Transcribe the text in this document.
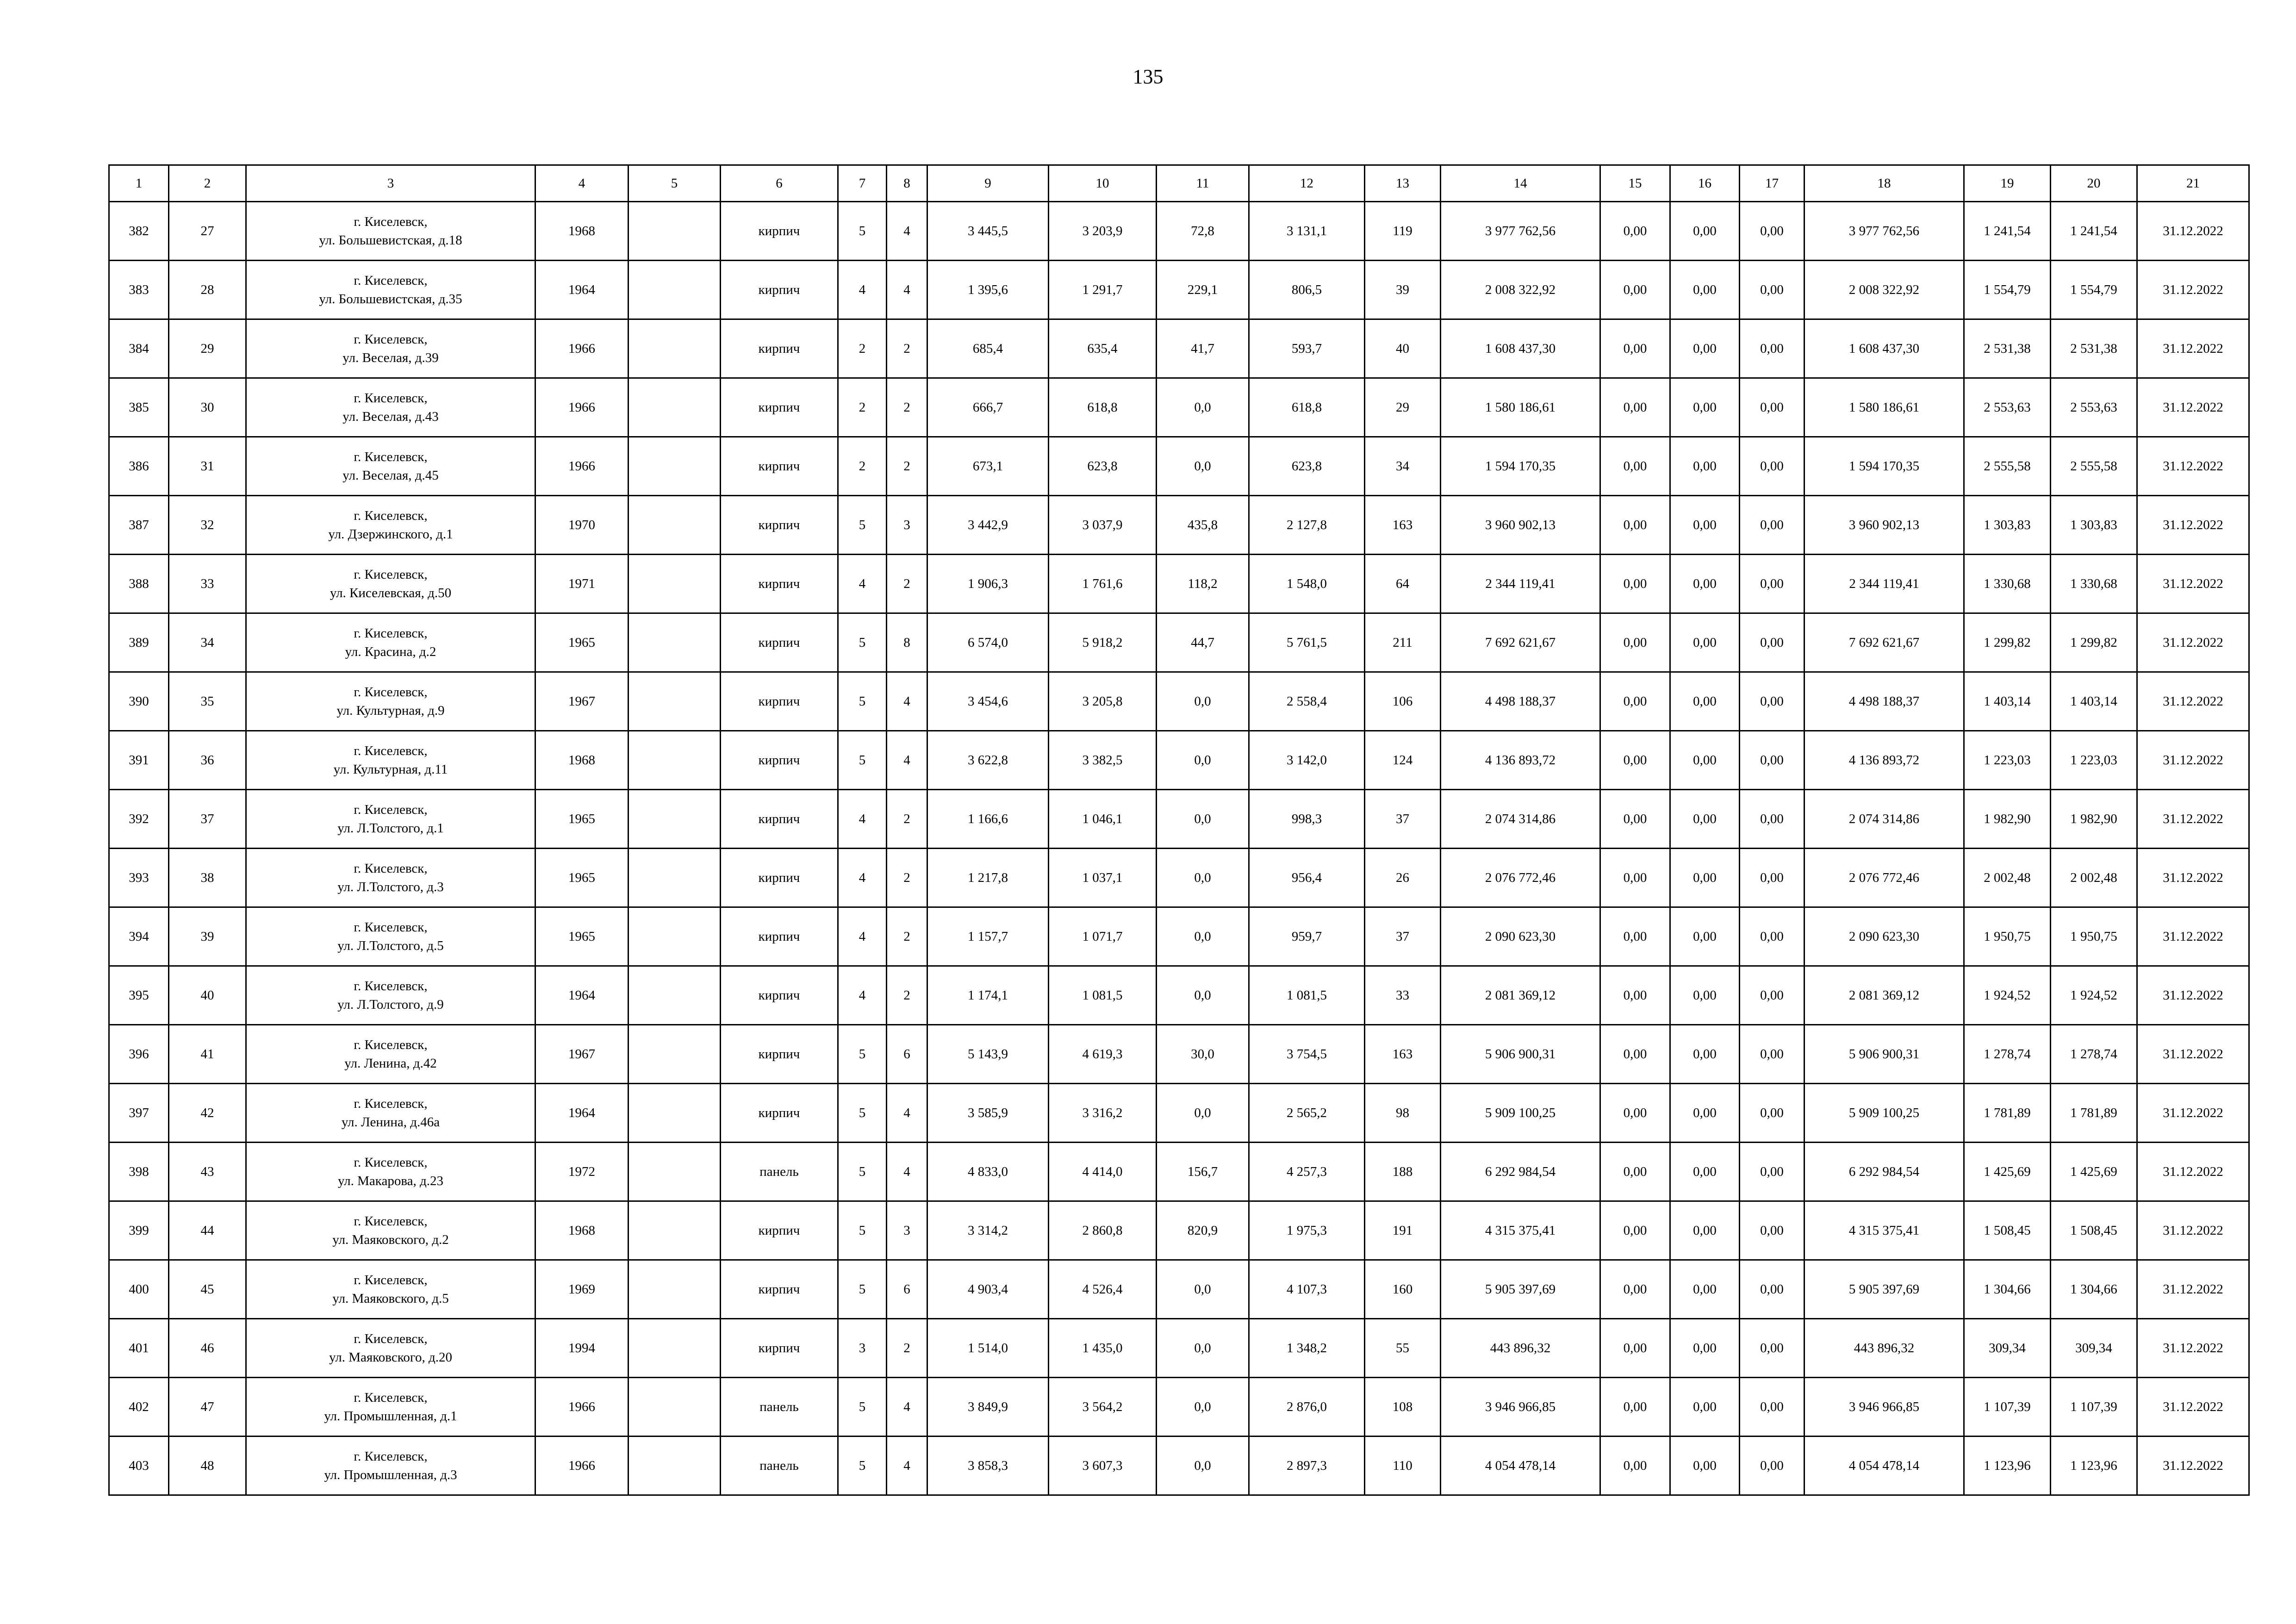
135
1	2	3	4	5	6	7	8	9	10	11	12	13	14	15	16	17	18	19	20	21
382	27	г. Киселевск,
ул. Большевистская, д.18	1968		кирпич	5	4	3 445,5	3 203,9	72,8	3 131,1	119	3 977 762,56	0,00	0,00	0,00	3 977 762,56	1 241,54	1 241,54	31.12.2022
383	28	г. Киселевск,
ул. Большевистская, д.35	1964		кирпич	4	4	1 395,6	1 291,7	229,1	806,5	39	2 008 322,92	0,00	0,00	0,00	2 008 322,92	1 554,79	1 554,79	31.12.2022
384	29	г. Киселевск,
ул. Веселая, д.39	1966		кирпич	2	2	685,4	635,4	41,7	593,7	40	1 608 437,30	0,00	0,00	0,00	1 608 437,30	2 531,38	2 531,38	31.12.2022
385	30	г. Киселевск,
ул. Веселая, д.43	1966		кирпич	2	2	666,7	618,8	0,0	618,8	29	1 580 186,61	0,00	0,00	0,00	1 580 186,61	2 553,63	2 553,63	31.12.2022
386	31	г. Киселевск,
ул. Веселая, д.45	1966		кирпич	2	2	673,1	623,8	0,0	623,8	34	1 594 170,35	0,00	0,00	0,00	1 594 170,35	2 555,58	2 555,58	31.12.2022
387	32	г. Киселевск,
ул. Дзержинского, д.1	1970		кирпич	5	3	3 442,9	3 037,9	435,8	2 127,8	163	3 960 902,13	0,00	0,00	0,00	3 960 902,13	1 303,83	1 303,83	31.12.2022
388	33	г. Киселевск,
ул. Киселевская, д.50	1971		кирпич	4	2	1 906,3	1 761,6	118,2	1 548,0	64	2 344 119,41	0,00	0,00	0,00	2 344 119,41	1 330,68	1 330,68	31.12.2022
389	34	г. Киселевск,
ул. Красина, д.2	1965		кирпич	5	8	6 574,0	5 918,2	44,7	5 761,5	211	7 692 621,67	0,00	0,00	0,00	7 692 621,67	1 299,82	1 299,82	31.12.2022
390	35	г. Киселевск,
ул. Культурная, д.9	1967		кирпич	5	4	3 454,6	3 205,8	0,0	2 558,4	106	4 498 188,37	0,00	0,00	0,00	4 498 188,37	1 403,14	1 403,14	31.12.2022
391	36	г. Киселевск,
ул. Культурная, д.11	1968		кирпич	5	4	3 622,8	3 382,5	0,0	3 142,0	124	4 136 893,72	0,00	0,00	0,00	4 136 893,72	1 223,03	1 223,03	31.12.2022
392	37	г. Киселевск,
ул. Л.Толстого, д.1	1965		кирпич	4	2	1 166,6	1 046,1	0,0	998,3	37	2 074 314,86	0,00	0,00	0,00	2 074 314,86	1 982,90	1 982,90	31.12.2022
393	38	г. Киселевск,
ул. Л.Толстого, д.3	1965		кирпич	4	2	1 217,8	1 037,1	0,0	956,4	26	2 076 772,46	0,00	0,00	0,00	2 076 772,46	2 002,48	2 002,48	31.12.2022
394	39	г. Киселевск,
ул. Л.Толстого, д.5	1965		кирпич	4	2	1 157,7	1 071,7	0,0	959,7	37	2 090 623,30	0,00	0,00	0,00	2 090 623,30	1 950,75	1 950,75	31.12.2022
395	40	г. Киселевск,
ул. Л.Толстого, д.9	1964		кирпич	4	2	1 174,1	1 081,5	0,0	1 081,5	33	2 081 369,12	0,00	0,00	0,00	2 081 369,12	1 924,52	1 924,52	31.12.2022
396	41	г. Киселевск,
ул. Ленина, д.42	1967		кирпич	5	6	5 143,9	4 619,3	30,0	3 754,5	163	5 906 900,31	0,00	0,00	0,00	5 906 900,31	1 278,74	1 278,74	31.12.2022
397	42	г. Киселевск,
ул. Ленина, д.46а	1964		кирпич	5	4	3 585,9	3 316,2	0,0	2 565,2	98	5 909 100,25	0,00	0,00	0,00	5 909 100,25	1 781,89	1 781,89	31.12.2022
398	43	г. Киселевск,
ул. Макарова, д.23	1972		панель	5	4	4 833,0	4 414,0	156,7	4 257,3	188	6 292 984,54	0,00	0,00	0,00	6 292 984,54	1 425,69	1 425,69	31.12.2022
399	44	г. Киселевск,
ул. Маяковского, д.2	1968		кирпич	5	3	3 314,2	2 860,8	820,9	1 975,3	191	4 315 375,41	0,00	0,00	0,00	4 315 375,41	1 508,45	1 508,45	31.12.2022
400	45	г. Киселевск,
ул. Маяковского, д.5	1969		кирпич	5	6	4 903,4	4 526,4	0,0	4 107,3	160	5 905 397,69	0,00	0,00	0,00	5 905 397,69	1 304,66	1 304,66	31.12.2022
401	46	г. Киселевск,
ул. Маяковского, д.20	1994		кирпич	3	2	1 514,0	1 435,0	0,0	1 348,2	55	443 896,32	0,00	0,00	0,00	443 896,32	309,34	309,34	31.12.2022
402	47	г. Киселевск,
ул. Промышленная, д.1	1966		панель	5	4	3 849,9	3 564,2	0,0	2 876,0	108	3 946 966,85	0,00	0,00	0,00	3 946 966,85	1 107,39	1 107,39	31.12.2022
403	48	г. Киселевск,
ул. Промышленная, д.3	1966		панель	5	4	3 858,3	3 607,3	0,0	2 897,3	110	4 054 478,14	0,00	0,00	0,00	4 054 478,14	1 123,96	1 123,96	31.12.2022
